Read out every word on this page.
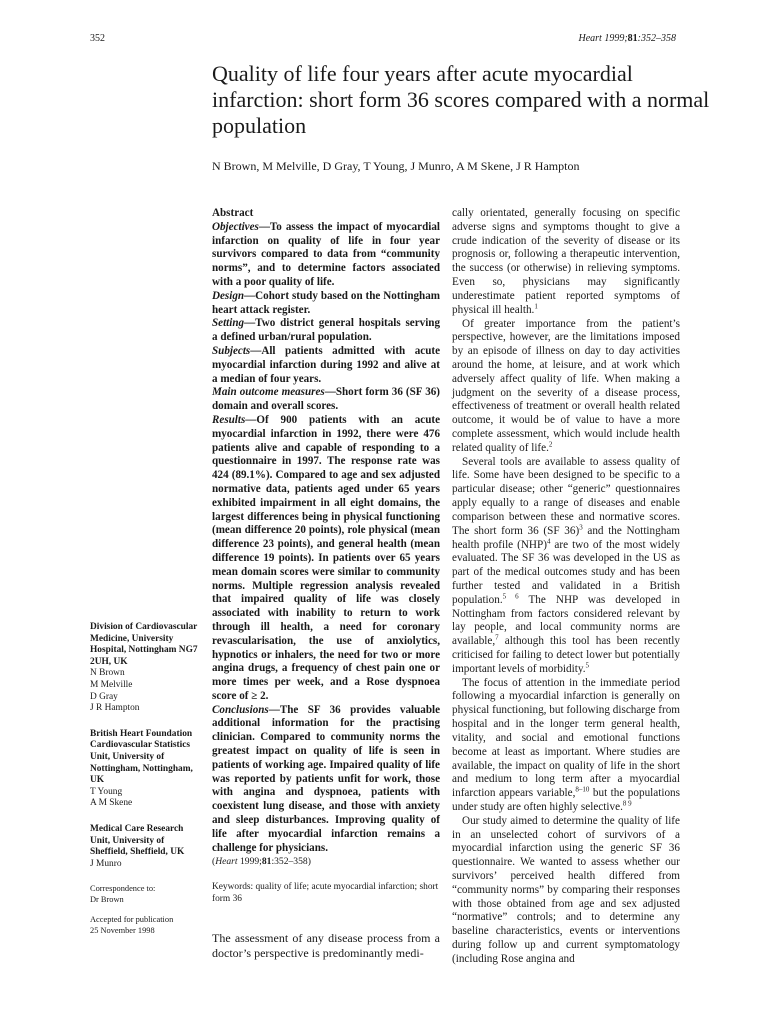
352	Heart 1999;81:352–358
Quality of life four years after acute myocardial infarction: short form 36 scores compared with a normal population
N Brown, M Melville, D Gray, T Young, J Munro, A M Skene, J R Hampton
Division of Cardiovascular Medicine, University Hospital, Nottingham NG7 2UH, UK
N Brown
M Melville
D Gray
J R Hampton
British Heart Foundation Cardiovascular Statistics Unit, University of Nottingham, Nottingham, UK
T Young
A M Skene
Medical Care Research Unit, University of Sheffield, Sheffield, UK
J Munro
Correspondence to:
Dr Brown
Accepted for publication
25 November 1998
Abstract
Objectives—To assess the impact of myocardial infarction on quality of life in four year survivors compared to data from “community norms”, and to determine factors associated with a poor quality of life.
Design—Cohort study based on the Nottingham heart attack register.
Setting—Two district general hospitals serving a defined urban/rural population.
Subjects—All patients admitted with acute myocardial infarction during 1992 and alive at a median of four years.
Main outcome measures—Short form 36 (SF 36) domain and overall scores.
Results—Of 900 patients with an acute myocardial infarction in 1992, there were 476 patients alive and capable of responding to a questionnaire in 1997. The response rate was 424 (89.1%). Compared to age and sex adjusted normative data, patients aged under 65 years exhibited impairment in all eight domains, the largest differences being in physical functioning (mean difference 20 points), role physical (mean difference 23 points), and general health (mean difference 19 points). In patients over 65 years mean domain scores were similar to community norms. Multiple regression analysis revealed that impaired quality of life was closely associated with inability to return to work through ill health, a need for coronary revascularisation, the use of anxiolytics, hypnotics or inhalers, the need for two or more angina drugs, a frequency of chest pain one or more times per week, and a Rose dyspnoea score of ≥ 2.
Conclusions—The SF 36 provides valuable additional information for the practising clinician. Compared to community norms the greatest impact on quality of life is seen in patients of working age. Impaired quality of life was reported by patients unfit for work, those with angina and dyspnoea, patients with coexistent lung disease, and those with anxiety and sleep disturbances. Improving quality of life after myocardial infarction remains a challenge for physicians.
(Heart 1999;81:352–358)
Keywords: quality of life; acute myocardial infarction; short form 36
The assessment of any disease process from a doctor’s perspective is predominantly medi-

cally orientated, generally focusing on specific adverse signs and symptoms thought to give a crude indication of the severity of disease or its prognosis or, following a therapeutic intervention, the success (or otherwise) in relieving symptoms. Even so, physicians may significantly underestimate patient reported symptoms of physical ill health.$^1$

Of greater importance from the patient’s perspective, however, are the limitations imposed by an episode of illness on day to day activities around the home, at leisure, and at work which adversely affect quality of life. When making a judgment on the severity of a disease process, effectiveness of treatment or overall health related outcome, it would be of value to have a more complete assessment, which would include health related quality of life.$^2$

Several tools are available to assess quality of life. Some have been designed to be specific to a particular disease; other “generic” questionnaires apply equally to a range of diseases and enable comparison between these and normative scores. The short form 36 (SF 36)$^3$ and the Nottingham health profile (NHP)$^4$ are two of the most widely evaluated. The SF 36 was developed in the US as part of the medical outcomes study and has been further tested and validated in a British population.$^{5 6}$ The NHP was developed in Nottingham from factors considered relevant by lay people, and local community norms are available,$^7$ although this tool has been recently criticised for failing to detect lower but potentially important levels of morbidity.$^5$

The focus of attention in the immediate period following a myocardial infarction is generally on physical functioning, but following discharge from hospital and in the longer term general health, vitality, and social and emotional functions become at least as important. Where studies are available, the impact on quality of life in the short and medium to long term after a myocardial infarction appears variable,$^{8-10}$ but the populations under study are often highly selective.$^{8 9}$

Our study aimed to determine the quality of life in an unselected cohort of survivors of a myocardial infarction using the generic SF 36 questionnaire. We wanted to assess whether our survivors’ perceived health differed from “community norms” by comparing their responses with those obtained from age and sex adjusted “normative” controls; and to determine any baseline characteristics, events or interventions during follow up and current symptomatology (including Rose angina and
